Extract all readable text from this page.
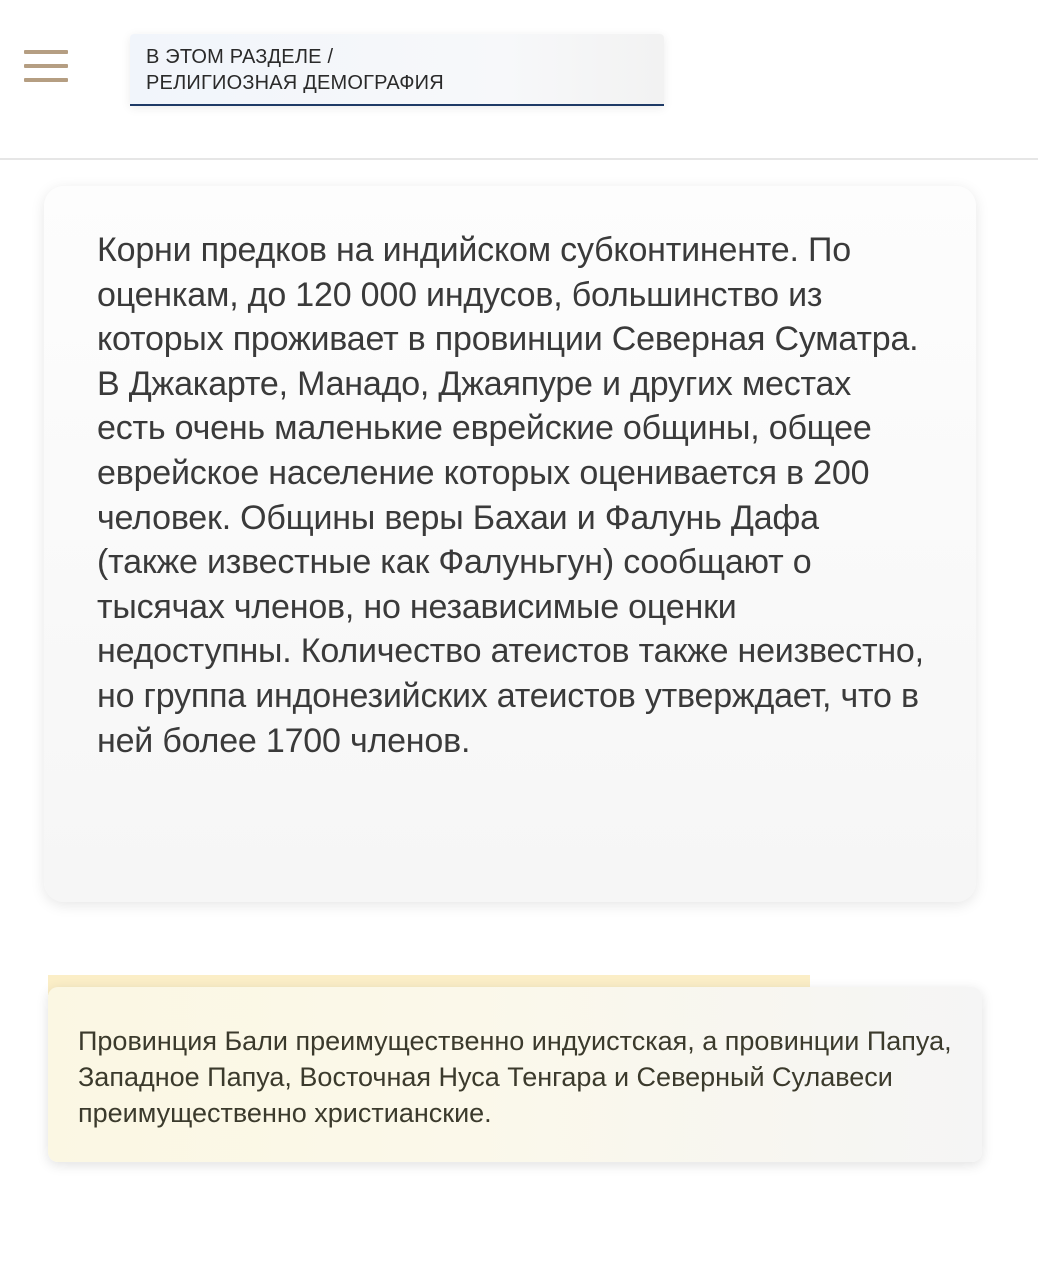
В ЭТОМ РАЗДЕЛЕ /
РЕЛИГИОЗНАЯ ДЕМОГРАФИЯ

Корни предков на индийском субконтиненте. По оценкам, до 120 000 индусов, большинство из которых проживает в провинции Северная Суматра. В Джакарте, Манадо, Джаяпуре и других местах есть очень маленькие еврейские общины, общее еврейское население которых оценивается в 200 человек. Общины веры Бахаи и Фалунь Дафа (также известные как Фалуньгун) сообщают о тысячах членов, но независимые оценки недоступны. Количество атеистов также неизвестно, но группа индонезийских атеистов утверждает, что в ней более 1700 членов.

Провинция Бали преимущественно индуистская, а провинции Папуа, Западное Папуа, Восточная Нуса Тенгара и Северный Сулавеси преимущественно христианские.
